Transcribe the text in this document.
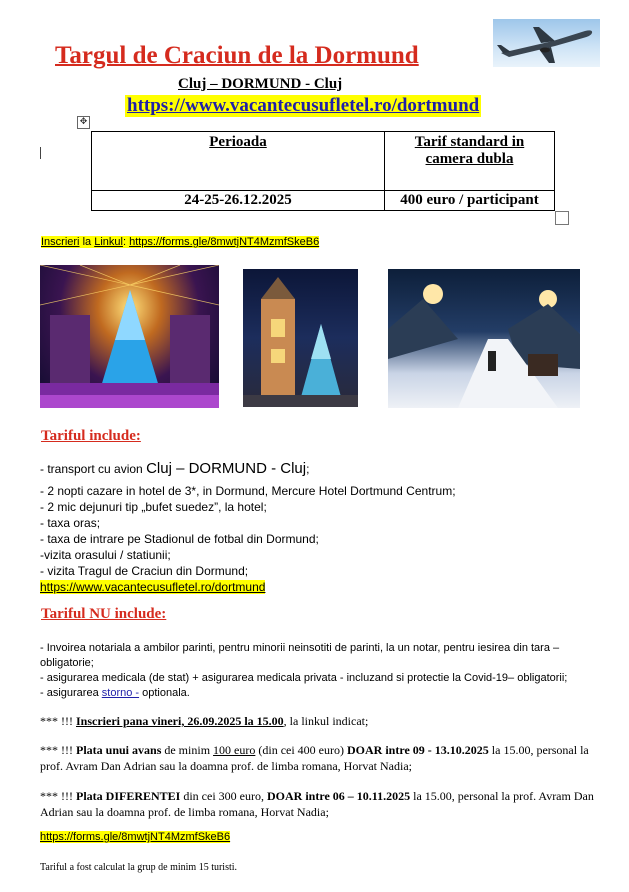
Targul de Craciun de la Dormund
Cluj – DORMUND - Cluj
https://www.vacantecusufletel.ro/dortmund
✥
Perioada	Tarif standard in
camera dubla
24-25-26.12.2025	400 euro / participant
Inscrieri la Linkul: https://forms.gle/8mwtjNT4MzmfSkeB6
Tariful include:
- transport cu avion Cluj – DORMUND - Cluj;
- 2 nopti cazare in hotel de 3*, in Dormund, Mercure Hotel Dortmund Centrum;
- 2 mic dejunuri tip „bufet suedez”, la hotel;
- taxa oras;
- taxa de intrare pe Stadionul de fotbal din Dormund;
-vizita orasului / statiunii;
- vizita Tragul de Craciun din Dormund;
https://www.vacantecusufletel.ro/dortmund
Tariful NU include:
- Invoirea notariala a ambilor parinti, pentru minorii neinsotiti de parinti, la un notar, pentru iesirea din tara – obligatorie;
- asigurarea medicala (de stat) + asigurarea medicala privata - incluzand si protectie la Covid-19– obligatorii;
- asigurarea storno - optionala.
*** !!! Inscrieri pana vineri, 26.09.2025 la 15.00, la linkul indicat;
*** !!! Plata unui avans de minim 100 euro (din cei 400 euro) DOAR intre 09 - 13.10.2025 la 15.00, personal la prof. Avram Dan Adrian sau la doamna prof. de limba romana, Horvat Nadia;
*** !!! Plata DIFERENTEI din cei 300 euro, DOAR intre 06 – 10.11.2025 la 15.00, personal la prof. Avram Dan Adrian sau la doamna prof. de limba romana, Horvat Nadia;
https://forms.gle/8mwtjNT4MzmfSkeB6
Tariful a fost calculat la grup de minim 15 turisti.
